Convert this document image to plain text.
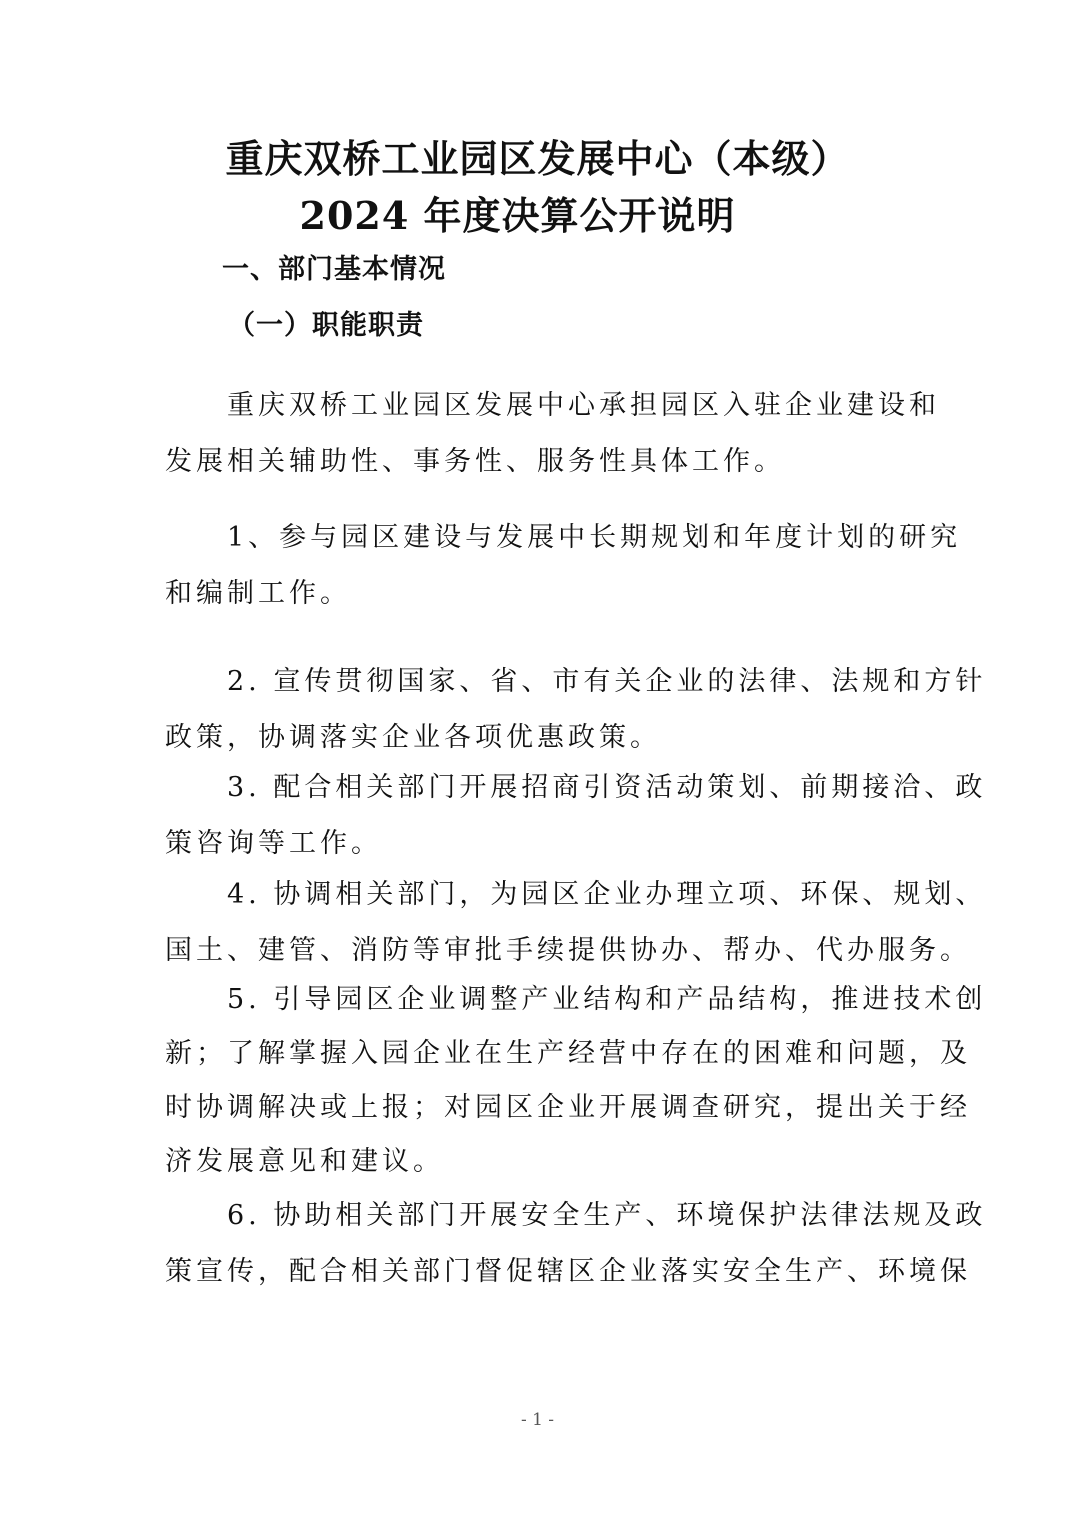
重庆双桥工业园区发展中心（本级）
2024 年度决算公开说明
一、部门基本情况
（一）职能职责
　　重庆双桥工业园区发展中心承担园区入驻企业建设和
发展相关辅助性、事务性、服务性具体工作。
　　1、参与园区建设与发展中长期规划和年度计划的研究
和编制工作。
　　2. 宣传贯彻国家、省、市有关企业的法律、法规和方针
政策，协调落实企业各项优惠政策。
　　3. 配合相关部门开展招商引资活动策划、前期接洽、政
策咨询等工作。
　　4. 协调相关部门，为园区企业办理立项、环保、规划、
国土、建管、消防等审批手续提供协办、帮办、代办服务。
　　5. 引导园区企业调整产业结构和产品结构，推进技术创
新；了解掌握入园企业在生产经营中存在的困难和问题，及
时协调解决或上报；对园区企业开展调查研究，提出关于经
济发展意见和建议。
　　6. 协助相关部门开展安全生产、环境保护法律法规及政
策宣传，配合相关部门督促辖区企业落实安全生产、环境保
- 1 -
